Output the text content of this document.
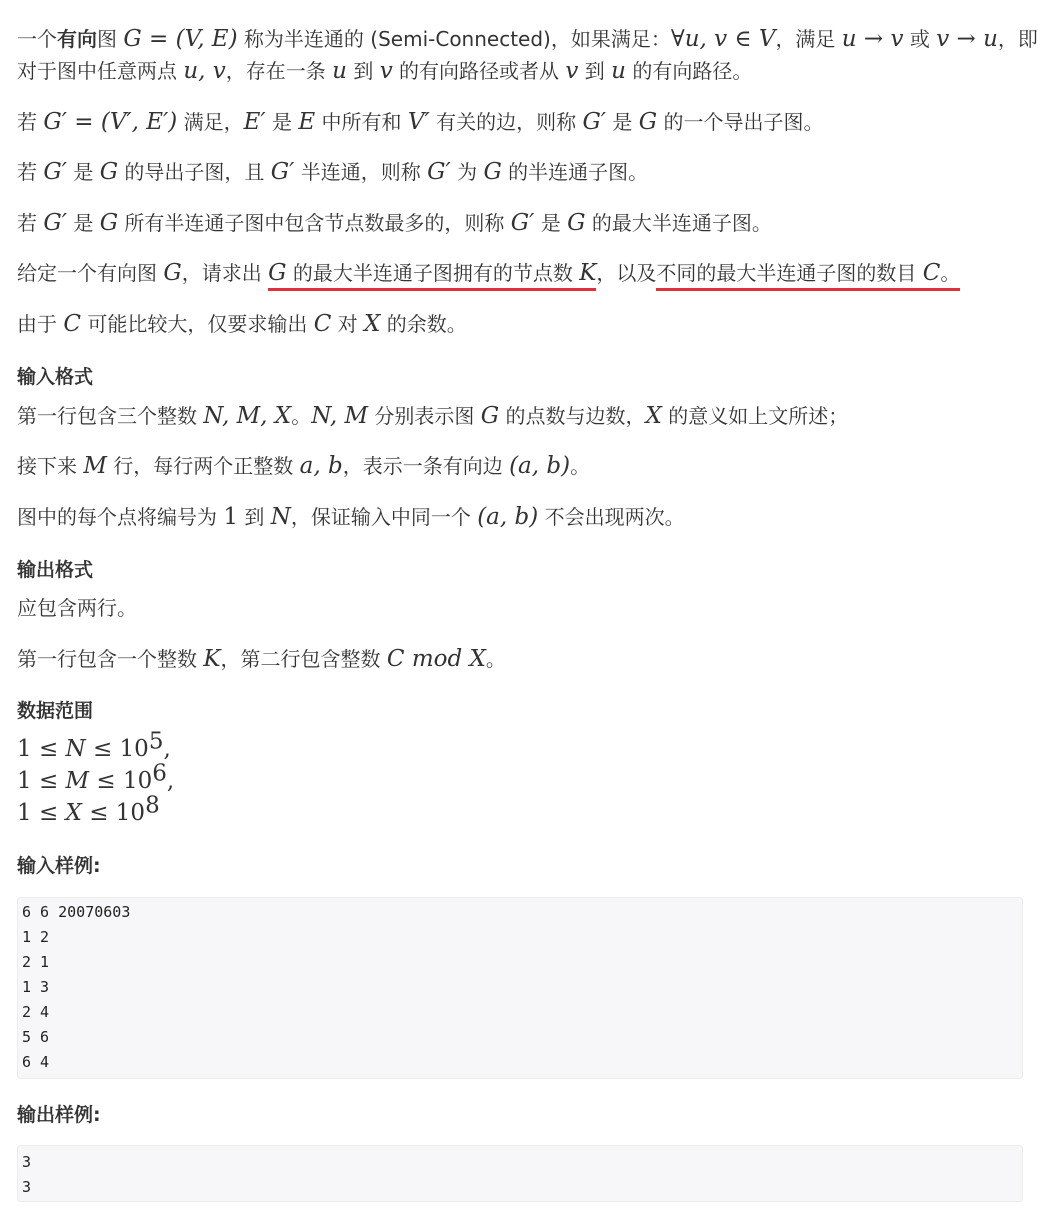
一个有向图 G = (V, E) 称为半连通的 (Semi-Connected)，如果满足：∀u, v ∈ V，满足 u → v 或 v → u，即
对于图中任意两点 u, v，存在一条 u 到 v 的有向路径或者从 v 到 u 的有向路径。
若 G′ = (V′, E′) 满足，E′ 是 E 中所有和 V′ 有关的边，则称 G′ 是 G 的一个导出子图。
若 G′ 是 G 的导出子图，且 G′ 半连通，则称 G′ 为 G 的半连通子图。
若 G′ 是 G 所有半连通子图中包含节点数最多的，则称 G′ 是 G 的最大半连通子图。
给定一个有向图 G，请求出 G 的最大半连通子图拥有的节点数 K，以及不同的最大半连通子图的数目 C。
由于 C 可能比较大，仅要求输出 C 对 X 的余数。
输入格式
第一行包含三个整数 N, M, X。N, M 分别表示图 G 的点数与边数，X 的意义如上文所述；
接下来 M 行，每行两个正整数 a, b，表示一条有向边 (a, b)。
图中的每个点将编号为 1 到 N，保证输入中同一个 (a, b) 不会出现两次。
输出格式
应包含两行。
第一行包含一个整数 K，第二行包含整数 C mod X。
数据范围
$1 \le N \le 10^5$,
$1 \le M \le 10^6$,
$1 \le X \le 10^8$
输入样例:
6 6 20070603
1 2
2 1
1 3
2 4
5 6
6 4
输出样例:
3
3
